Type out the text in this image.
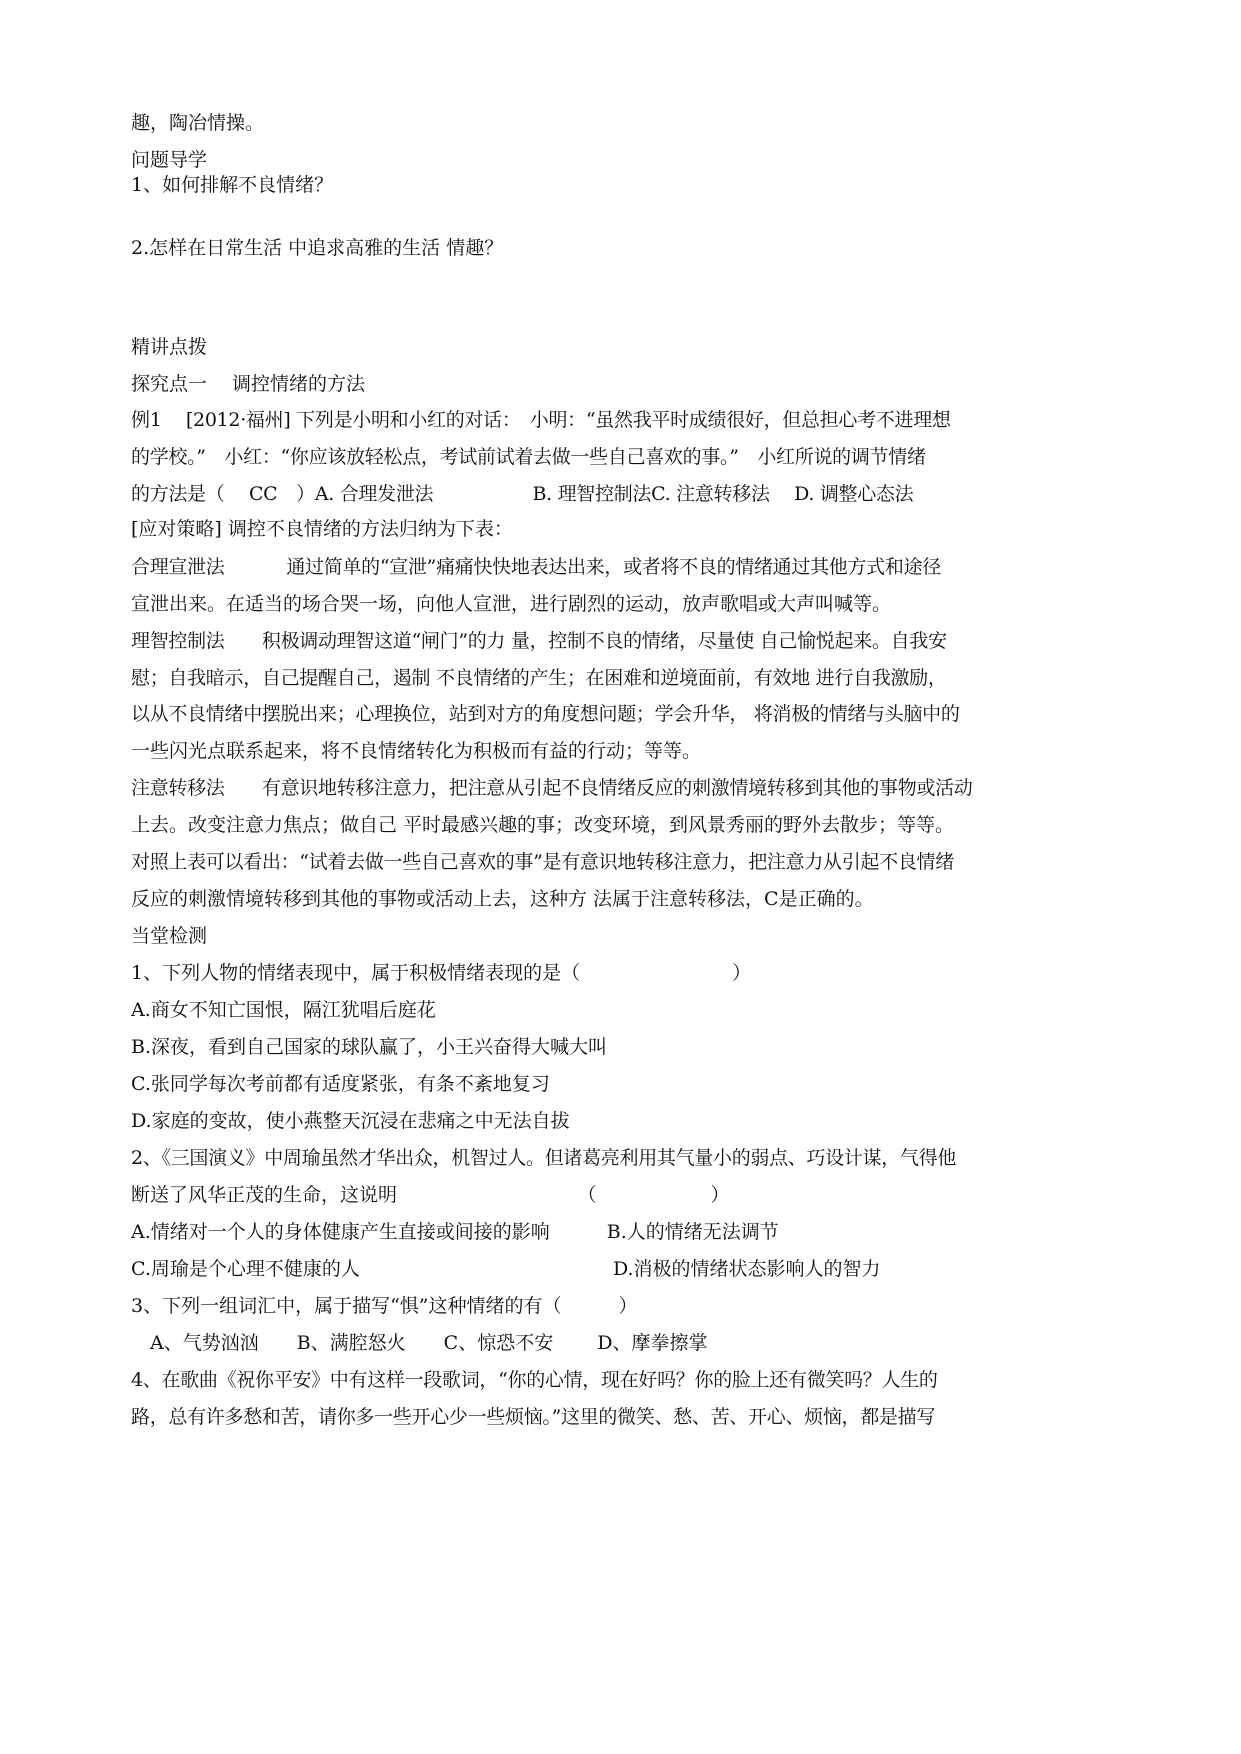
趣，陶冶情操。
问题导学
1、如何排解不良情绪？
2.怎样在日常生活 中追求高雅的生活 情趣？
精讲点拨
探究点一　 调控情绪的方法
例1 　[2012·福州] 下列是小明和小红的对话：　小明：“虽然我平时成绩很好，但总担心考不进理想
的学校。”　小红：“你应该放轻松点，考试前试着去做一些自己喜欢的事。”　小红所说的调节情绪
的方法是（　 CC　）A. 合理发泄法　 　　　　B. 理智控制法C. 注意转移法　 D. 调整心态法
[应对策略] 调控不良情绪的方法归纳为下表：
合理宣泄法　　　 通过简单的“宣泄”痛痛快快地表达出来，或者将不良的情绪通过其他方式和途径
宣泄出来。在适当的场合哭一场，向他人宣泄，进行剧烈的运动，放声歌唱或大声叫喊等。
理智控制法　　积极调动理智这道“闸门”的力 量，控制不良的情绪，尽量使 自己愉悦起来。自我安
慰；自我暗示，自己提醒自己，遏制 不良情绪的产生；在困难和逆境面前，有效地 进行自我激励，
以从不良情绪中摆脱出来；心理换位，站到对方的角度想问题；学会升华， 将消极的情绪与头脑中的
一些闪光点联系起来，将不良情绪转化为积极而有益的行动；等等。
注意转移法　　有意识地转移注意力，把注意从引起不良情绪反应的刺激情境转移到其他的事物或活动
上去。改变注意力焦点；做自己 平时最感兴趣的事；改变环境，到风景秀丽的野外去散步；等等。
对照上表可以看出：“试着去做一些自己喜欢的事”是有意识地转移注意力，把注意力从引起不良情绪
反应的刺激情境转移到其他的事物或活动上去，这种方 法属于注意转移法，C是正确的。
当堂检测
1、下列人物的情绪表现中，属于积极情绪表现的是（　　　　　　　　）
A.商女不知亡国恨，隔江犹唱后庭花
B.深夜，看到自己国家的球队赢了，小王兴奋得大喊大叫
C.张同学每次考前都有适度紧张，有条不紊地复习
D.家庭的变故，使小燕整天沉浸在悲痛之中无法自拔
2、《三国演义》中周瑜虽然才华出众，机智过人。但诸葛亮利用其气量小的弱点、巧设计谋，气得他
断送了风华正茂的生命，这说明　　　　　　　　　　（　　　　　　）
A.情绪对一个人的身体健康产生直接或间接的影响　　　B.人的情绪无法调节
C.周瑜是个心理不健康的人　　　　　　　　　　　　　 D.消极的情绪状态影响人的智力
3、下列一组词汇中，属于描写“惧”这种情绪的有（　　　）
　A、气势汹汹　　B、满腔怒火　　C、惊恐不安　　 D、摩拳擦掌
4、在歌曲《祝你平安》中有这样一段歌词，“你的心情，现在好吗？你的脸上还有微笑吗？人生的
路，总有许多愁和苦，请你多一些开心少一些烦恼。”这里的微笑、愁、苦、开心、烦恼，都是描写
